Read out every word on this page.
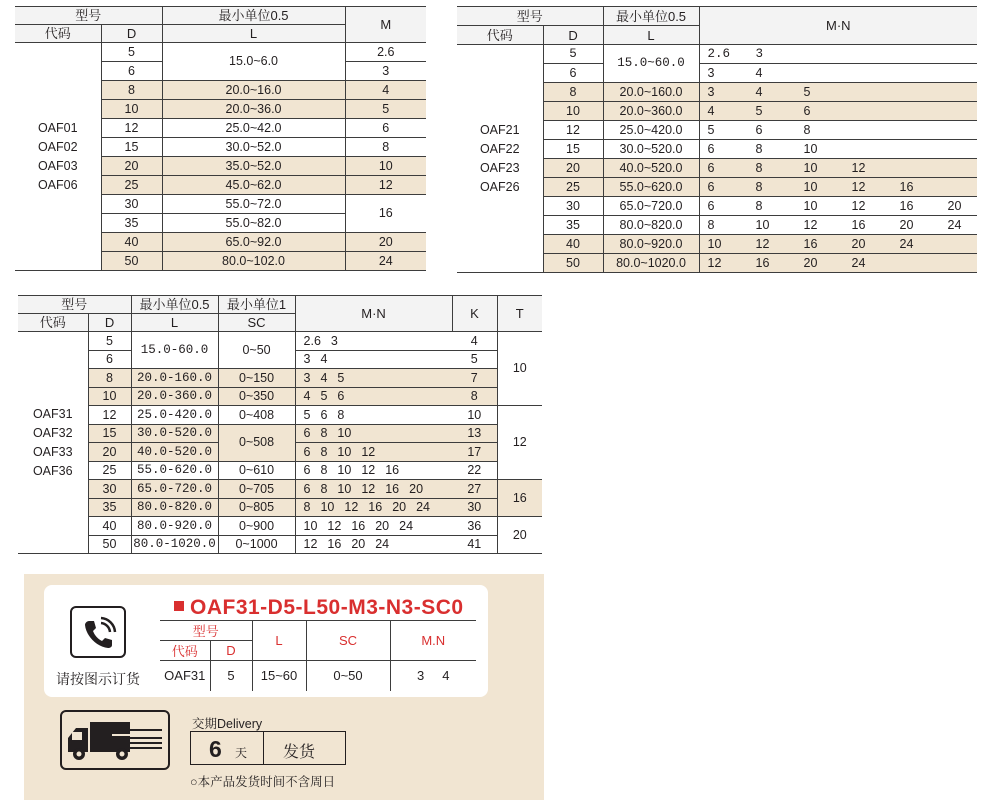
型号		最小单位0.5	M
代码	D	L	

OAF01
OAF02
OAF03
OAF06	5	15.0~6.0	2.6
	6		3
	8	20.0~16.0	4
	10	20.0~36.0	5
	12	25.0~42.0	6
	15	30.0~52.0	8
	20	35.0~52.0	10
	25	45.0~62.0	12
	30	55.0~72.0	16
	35	55.0~82.0	
	40	65.0~92.0	20
	50	80.0~102.0	24
型号		最小单位0.5	M·N
代码	D	L	

OAF21
OAF22
OAF23
OAF26	5	15.0~60.0	2.6 3
	6		3 4
	8	20.0~160.0	3 4 5
	10	20.0~360.0	4 5 6
	12	25.0~420.0	5 6 8
	15	30.0~520.0	6 8 10
	20	40.0~520.0	6 8 10 12
	25	55.0~620.0	6 8 10 12 16
	30	65.0~720.0	6 8 10 12 16 20
	35	80.0~820.0	8 10 12 16 20 24
	40	80.0~920.0	10 12 16 20 24
	50	80.0~1020.0	12 16 20 24
型号		最小单位0.5	最小单位1	M·N	K	T
代码	D	L	SC			

OAF31
OAF32
OAF33
OAF36	5	15.0-60.0	0~50	2.6 3	4	10
	6			3 4	5	
	8	20.0-160.0	0~150	3 4 5	7	
	10	20.0-360.0	0~350	4 5 6	8	
	12	25.0-420.0	0~408	5 6 8	10	12
	15	30.0-520.0	0~508	6 8 10	13	
	20	40.0-520.0		6 8 10 12	17	
	25	55.0-620.0	0~610	6 8 10 12 16	22	
	30	65.0-720.0	0~705	6 8 10 12 16 20	27	16
	35	80.0-820.0	0~805	8 10 12 16 20 24	30	
	40	80.0-920.0	0~900	10 12 16 20 24	36	20
	50	80.0-1020.0	0~1000	12 16 20 24	41	
请按图示订货
OAF31-D5-L50-M3-N3-SC0
型号		L	SC	M.N
代码	D			
OAF31	5	15~60	0~50	3 4
交期Delivery
6 天 发货
○本产品发货时间不含周日
